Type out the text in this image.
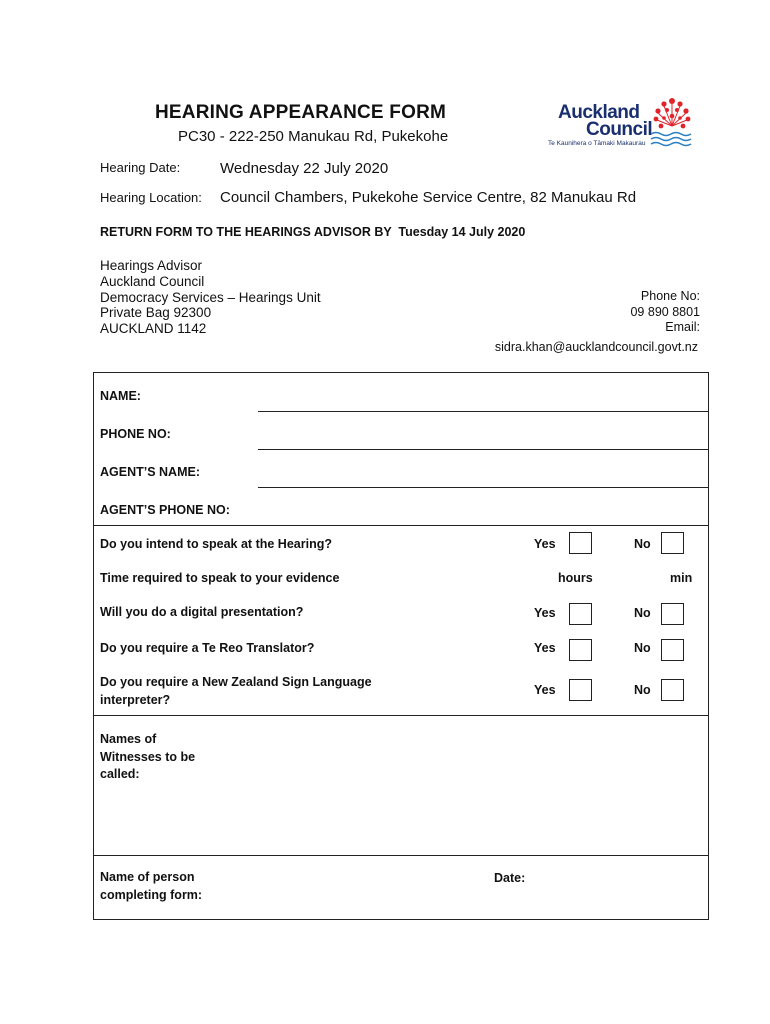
HEARING APPEARANCE FORM
PC30 - 222-250 Manukau Rd, Pukekohe
Auckland
Council
Te Kaunihera o Tāmaki Makaurau
Hearing Date:	Wednesday 22 July 2020
Hearing Location: Council Chambers, Pukekohe Service Centre, 82 Manukau Rd
RETURN FORM TO THE HEARINGS ADVISOR BY  Tuesday 14 July 2020
Hearings Advisor
Auckland Council
Democracy Services – Hearings Unit
Private Bag 92300
AUCKLAND 1142
Phone No:
09 890 8801
Email:
sidra.khan@aucklandcouncil.govt.nz
NAME:
PHONE NO:
AGENT’S NAME:
AGENT’S PHONE NO:
Do you intend to speak at the Hearing?	Yes	No
Time required to speak to your evidence	hours	min
Will you do a digital presentation?	Yes	No
Do you require a Te Reo Translator?	Yes	No
Do you require a New Zealand Sign Language
interpreter?
Yes	No
Names of
Witnesses to be
called:
Name of person
completing form:
Date:
